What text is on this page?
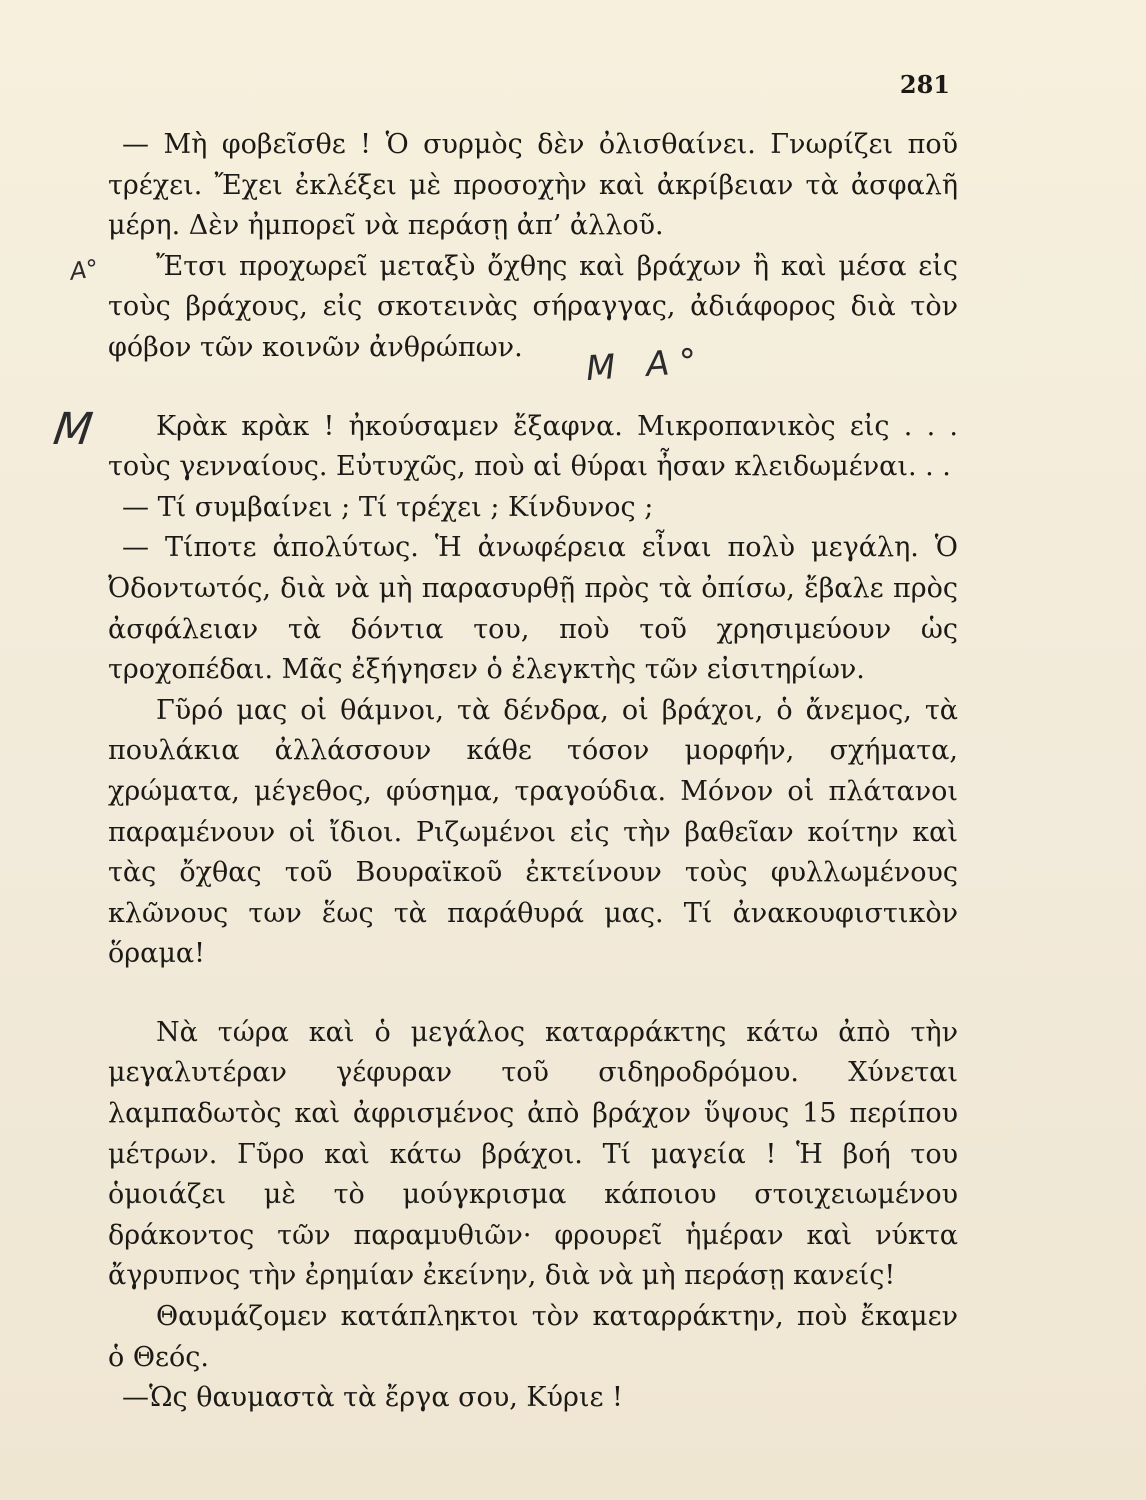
281
Α°
M
Μ Α°

— Μὴ φοβεῖσθε ! Ὁ συρμὸς δὲν ὀλισθαίνει. Γνωρίζει ποῦ τρέχει. Ἔχει ἐκλέξει μὲ προσοχὴν καὶ ἀκρίβειαν τὰ ἀσφαλῆ μέρη. Δὲν ἠμπορεῖ νὰ περάσῃ ἀπ’ ἀλλοῦ.

Ἔτσι προχωρεῖ μεταξὺ ὄχθης καὶ βράχων ἢ καὶ μέσα εἰς τοὺς βράχους, εἰς σκοτεινὰς σήραγγας, ἀδιάφορος διὰ τὸν φόβον τῶν κοινῶν ἀνθρώπων.

Κρὰκ κρὰκ ! ἠκούσαμεν ἔξαφνα. Μικροπανικὸς εἰς . . . τοὺς γενναίους. Εὐτυχῶς, ποὺ αἱ θύραι ἦσαν κλειδωμέναι. . .

— Τί συμβαίνει ; Τί τρέχει ; Κίνδυνος ;

— Τίποτε ἀπολύτως. Ἡ ἀνωφέρεια εἶναι πολὺ μεγάλη. Ὁ Ὀδοντωτός, διὰ νὰ μὴ παρασυρθῇ πρὸς τὰ ὀπίσω, ἔβαλε πρὸς ἀσφάλειαν τὰ δόντια του, ποὺ τοῦ χρησιμεύουν ὡς τροχοπέδαι. Μᾶς ἐξήγησεν ὁ ἐλεγκτὴς τῶν εἰσιτηρίων.

Γῦρό μας οἱ θάμνοι, τὰ δένδρα, οἱ βράχοι, ὁ ἄνεμος, τὰ πουλάκια ἀλλάσσουν κάθε τόσον μορφήν, σχήματα, χρώματα, μέγεθος, φύσημα, τραγούδια. Μόνον οἱ πλάτανοι παραμένουν οἱ ἴδιοι. Ριζωμένοι εἰς τὴν βαθεῖαν κοίτην καὶ τὰς ὄχθας τοῦ Βουραϊκοῦ ἐκτείνουν τοὺς φυλλωμένους κλῶνους των ἕως τὰ παράθυρά μας. Τί ἀνακουφιστικὸν ὅραμα!

Νὰ τώρα καὶ ὁ μεγάλος καταρράκτης κάτω ἀπὸ τὴν μεγαλυτέραν γέφυραν τοῦ σιδηροδρόμου. Χύνεται λαμπαδωτὸς καὶ ἀφρισμένος ἀπὸ βράχον ὕψους 15 περίπου μέτρων. Γῦρο καὶ κάτω βράχοι. Τί μαγεία ! Ἡ βοή του ὁμοιάζει μὲ τὸ μούγκρισμα κάποιου στοιχειωμένου δράκοντος τῶν παραμυθιῶν· φρουρεῖ ἡμέραν καὶ νύκτα ἄγρυπνος τὴν ἐρημίαν ἐκείνην, διὰ νὰ μὴ περάσῃ κανείς!

Θαυμάζομεν κατάπληκτοι τὸν καταρράκτην, ποὺ ἔκαμεν ὁ Θεός.

—Ὡς θαυμαστὰ τὰ ἔργα σου, Κύριε !
